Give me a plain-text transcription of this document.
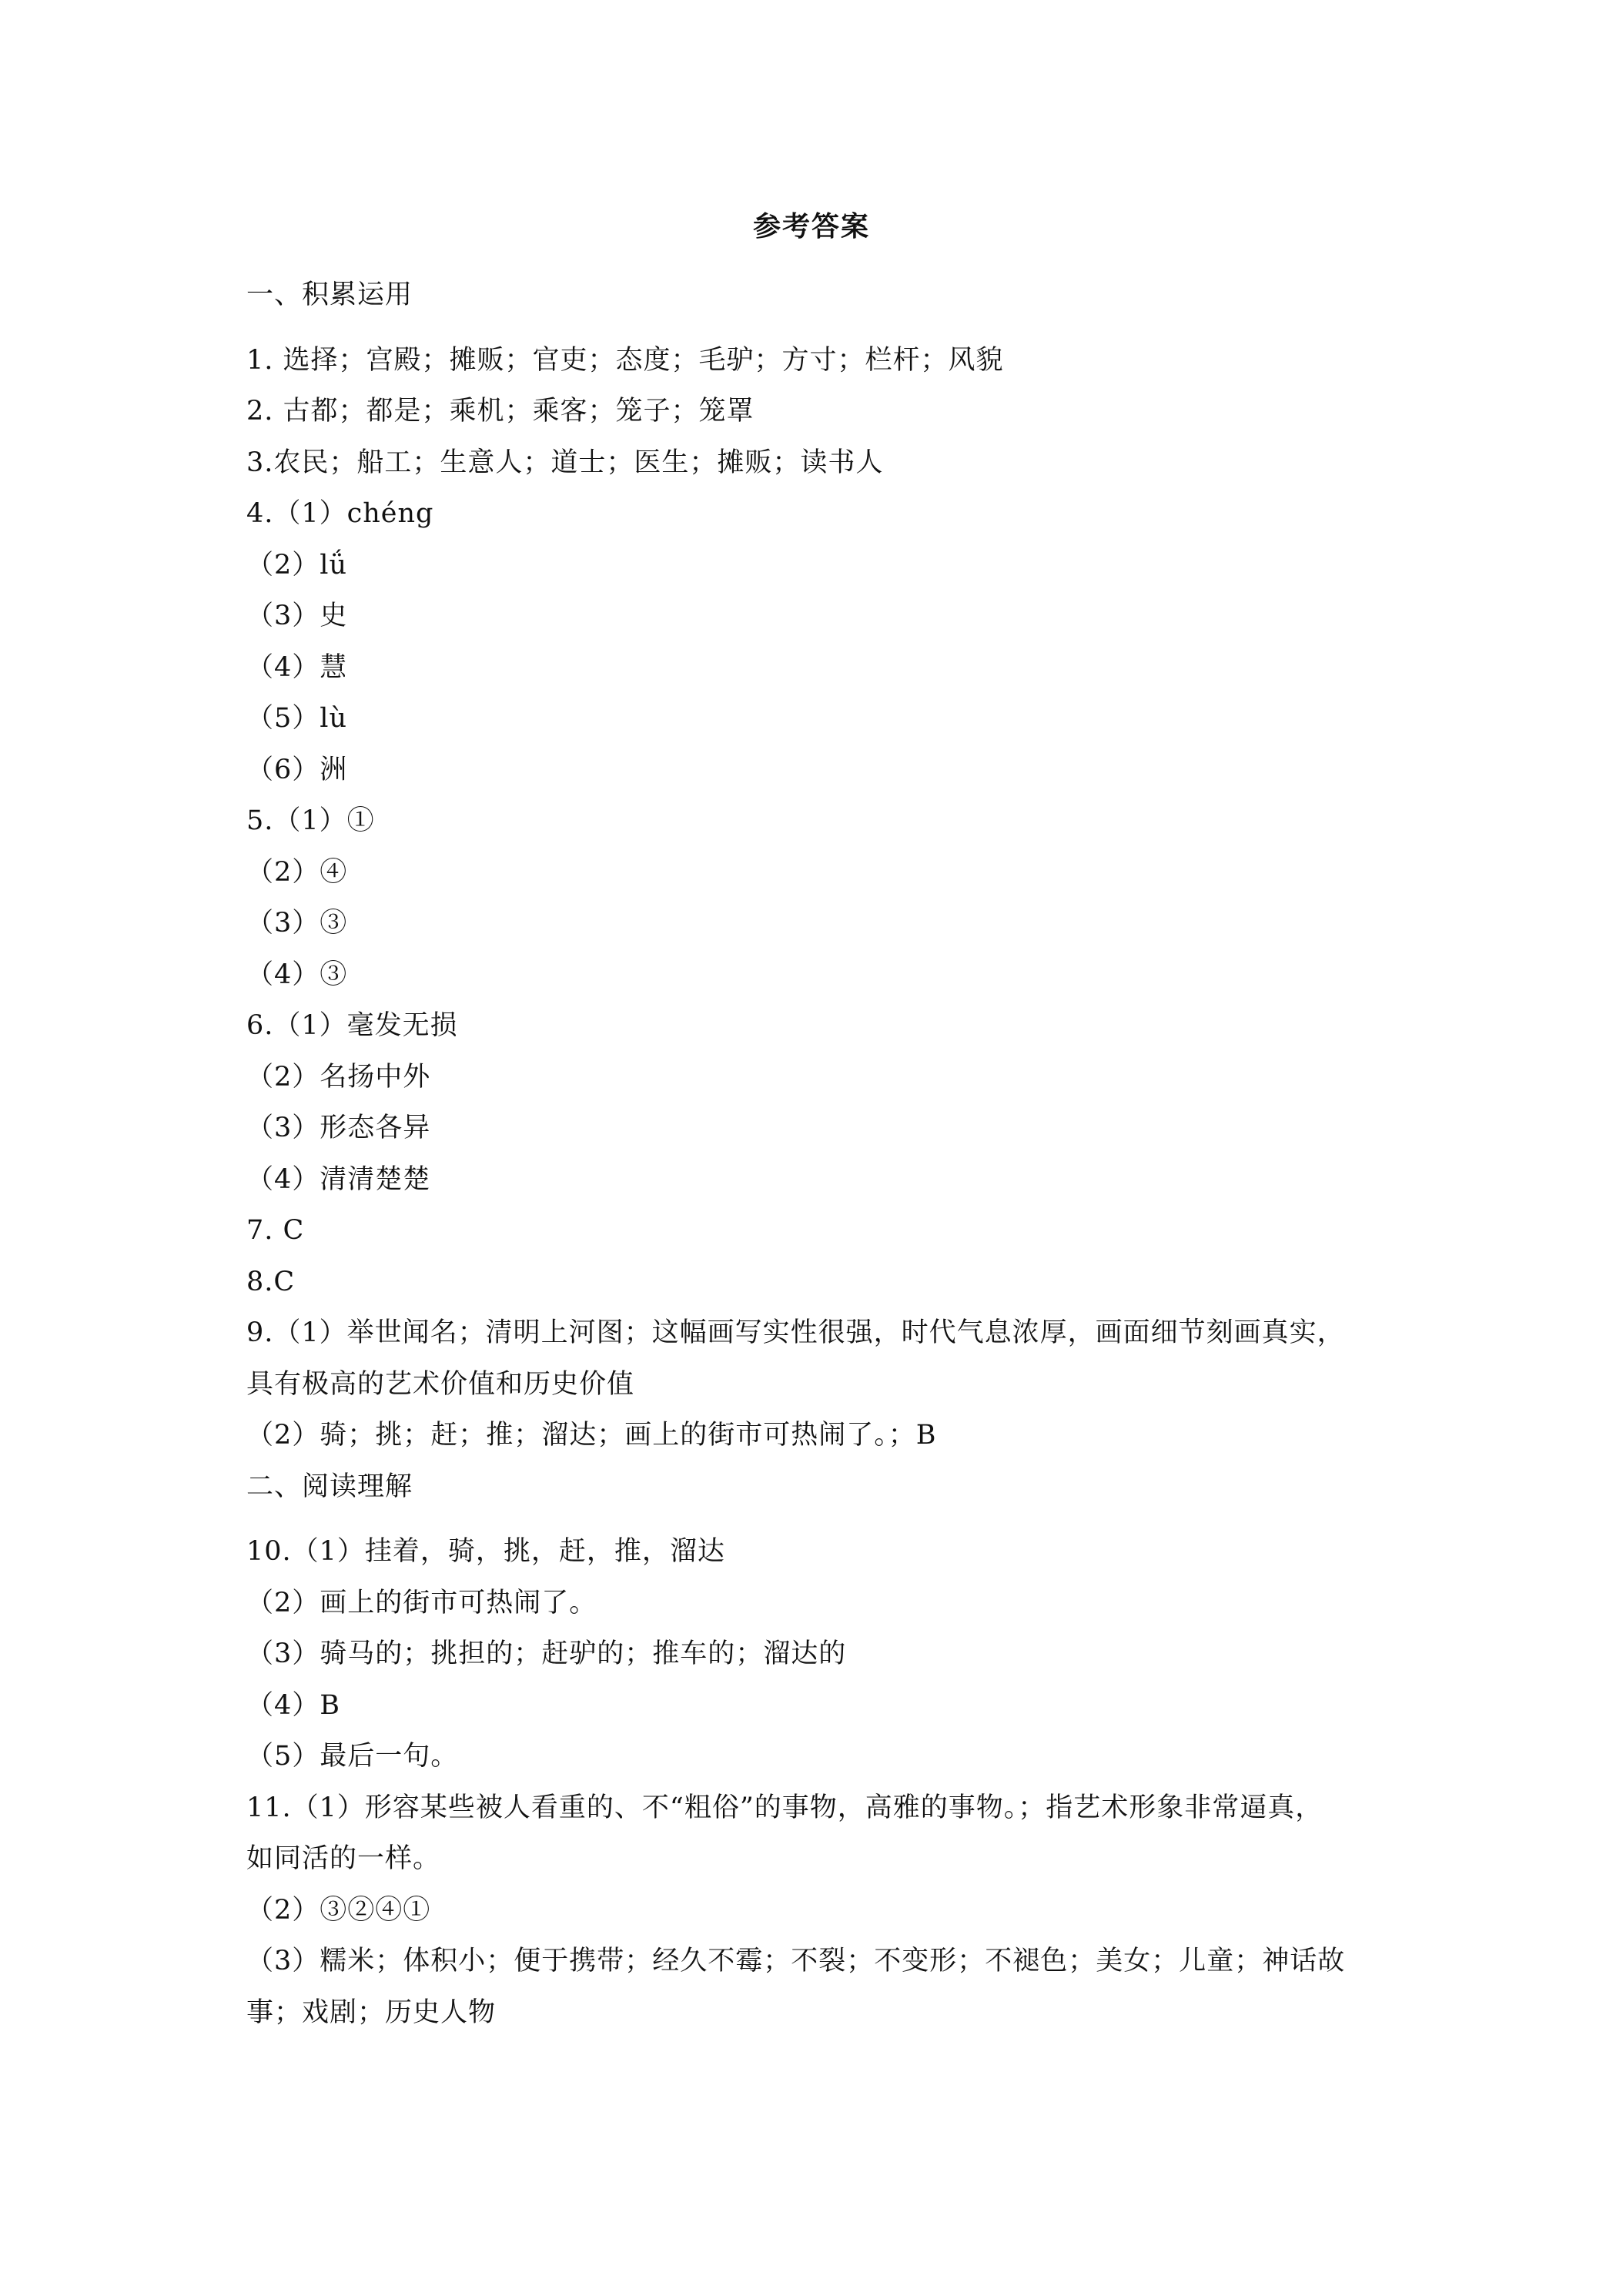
参考答案
一、积累运用
1. 选择；宫殿；摊贩；官吏；态度；毛驴；方寸；栏杆；风貌
2. 古都；都是；乘机；乘客；笼子；笼罩
3.农民；船工；生意人；道士；医生；摊贩；读书人
4.（1）chéng
（2）lǘ
（3）史
（4）慧
（5）lù
（6）洲
5.（1）①
（2）④
（3）③
（4）③
6.（1）毫发无损
（2）名扬中外
（3）形态各异
（4）清清楚楚
7. C
8.C
9.（1）举世闻名；清明上河图；这幅画写实性很强，时代气息浓厚，画面细节刻画真实，
具有极高的艺术价值和历史价值
（2）骑；挑；赶；推；溜达；画上的街市可热闹了。；B
二、阅读理解
10.（1）挂着，骑，挑，赶，推，溜达
（2）画上的街市可热闹了。
（3）骑马的；挑担的；赶驴的；推车的；溜达的
（4）B
（5）最后一句。
11.（1）形容某些被人看重的、不“粗俗”的事物，高雅的事物。；指艺术形象非常逼真，
如同活的一样。
（2）③②④①
（3）糯米；体积小；便于携带；经久不霉；不裂；不变形；不褪色；美女；儿童；神话故
事；戏剧；历史人物
